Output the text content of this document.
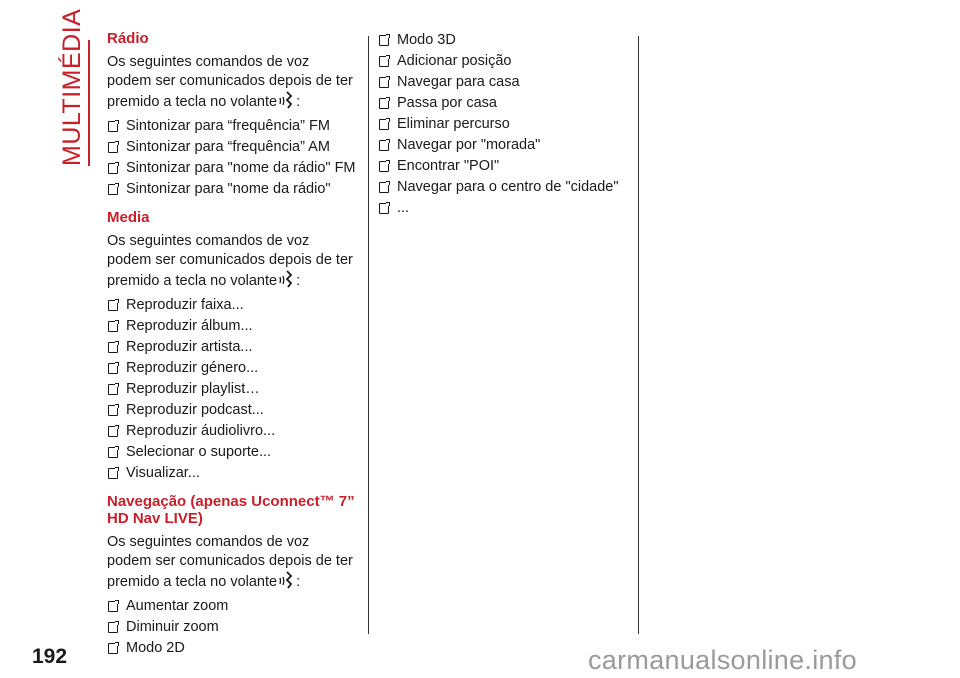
MULTIMÉDIA Rádio
Os seguintes comandos de voz podem ser comunicados depois de ter premido a tecla no volante :
Sintonizar para “frequência” FM
Sintonizar para “frequência” AM
Sintonizar para "nome da rádio" FM
Sintonizar para "nome da rádio"
Media
Os seguintes comandos de voz podem ser comunicados depois de ter premido a tecla no volante :
Reproduzir faixa...
Reproduzir álbum...
Reproduzir artista...
Reproduzir género...
Reproduzir playlist…
Reproduzir podcast...
Reproduzir áudiolivro...
Selecionar o suporte...
Visualizar...
Navegação (apenas Uconnect™ 7”
HD Nav LIVE)
Os seguintes comandos de voz podem ser comunicados depois de ter premido a tecla no volante :
Aumentar zoom
Diminuir zoom
Modo 2D
Modo 3D
Adicionar posição
Navegar para casa
Passa por casa
Eliminar percurso
Navegar por "morada"
Encontrar "POI"
Navegar para o centro de "cidade"
...
192	carmanualsonline.info
